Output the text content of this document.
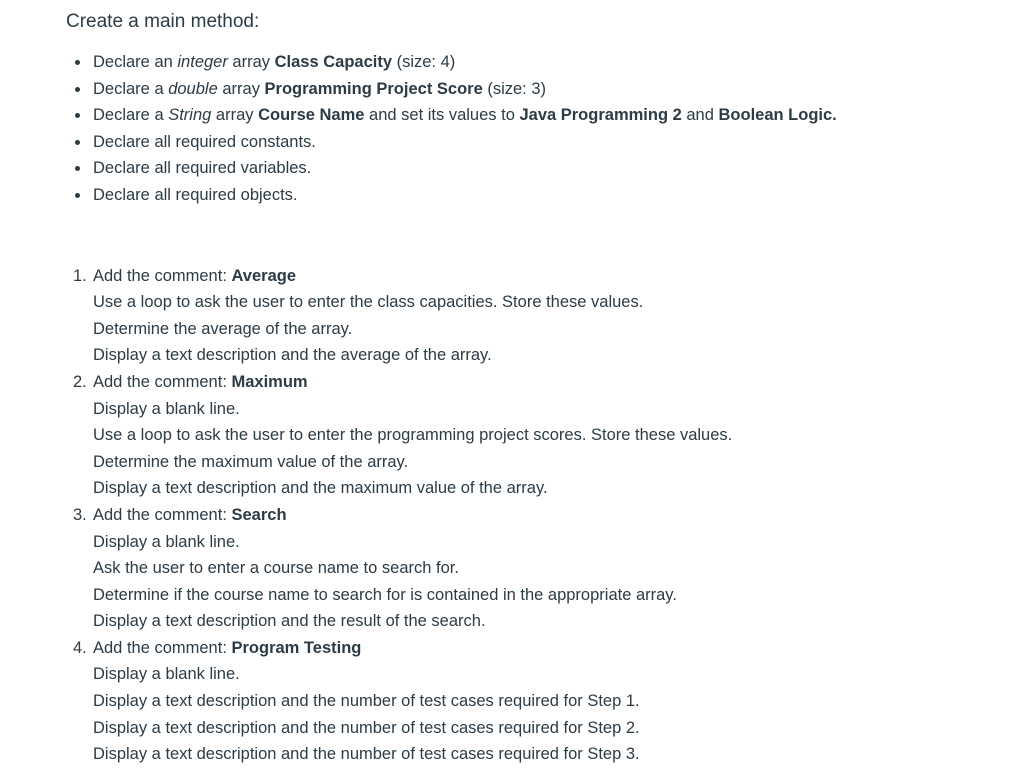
Create a main method:
Declare an integer array Class Capacity (size: 4)
Declare a double array Programming Project Score (size: 3)
Declare a String array Course Name and set its values to Java Programming 2 and Boolean Logic.
Declare all required constants.
Declare all required variables.
Declare all required objects.
1. Add the comment: Average
Use a loop to ask the user to enter the class capacities. Store these values.
Determine the average of the array.
Display a text description and the average of the array.
2. Add the comment: Maximum
Display a blank line.
Use a loop to ask the user to enter the programming project scores. Store these values.
Determine the maximum value of the array.
Display a text description and the maximum value of the array.
3. Add the comment: Search
Display a blank line.
Ask the user to enter a course name to search for.
Determine if the course name to search for is contained in the appropriate array.
Display a text description and the result of the search.
4. Add the comment: Program Testing
Display a blank line.
Display a text description and the number of test cases required for Step 1.
Display a text description and the number of test cases required for Step 2.
Display a text description and the number of test cases required for Step 3.
